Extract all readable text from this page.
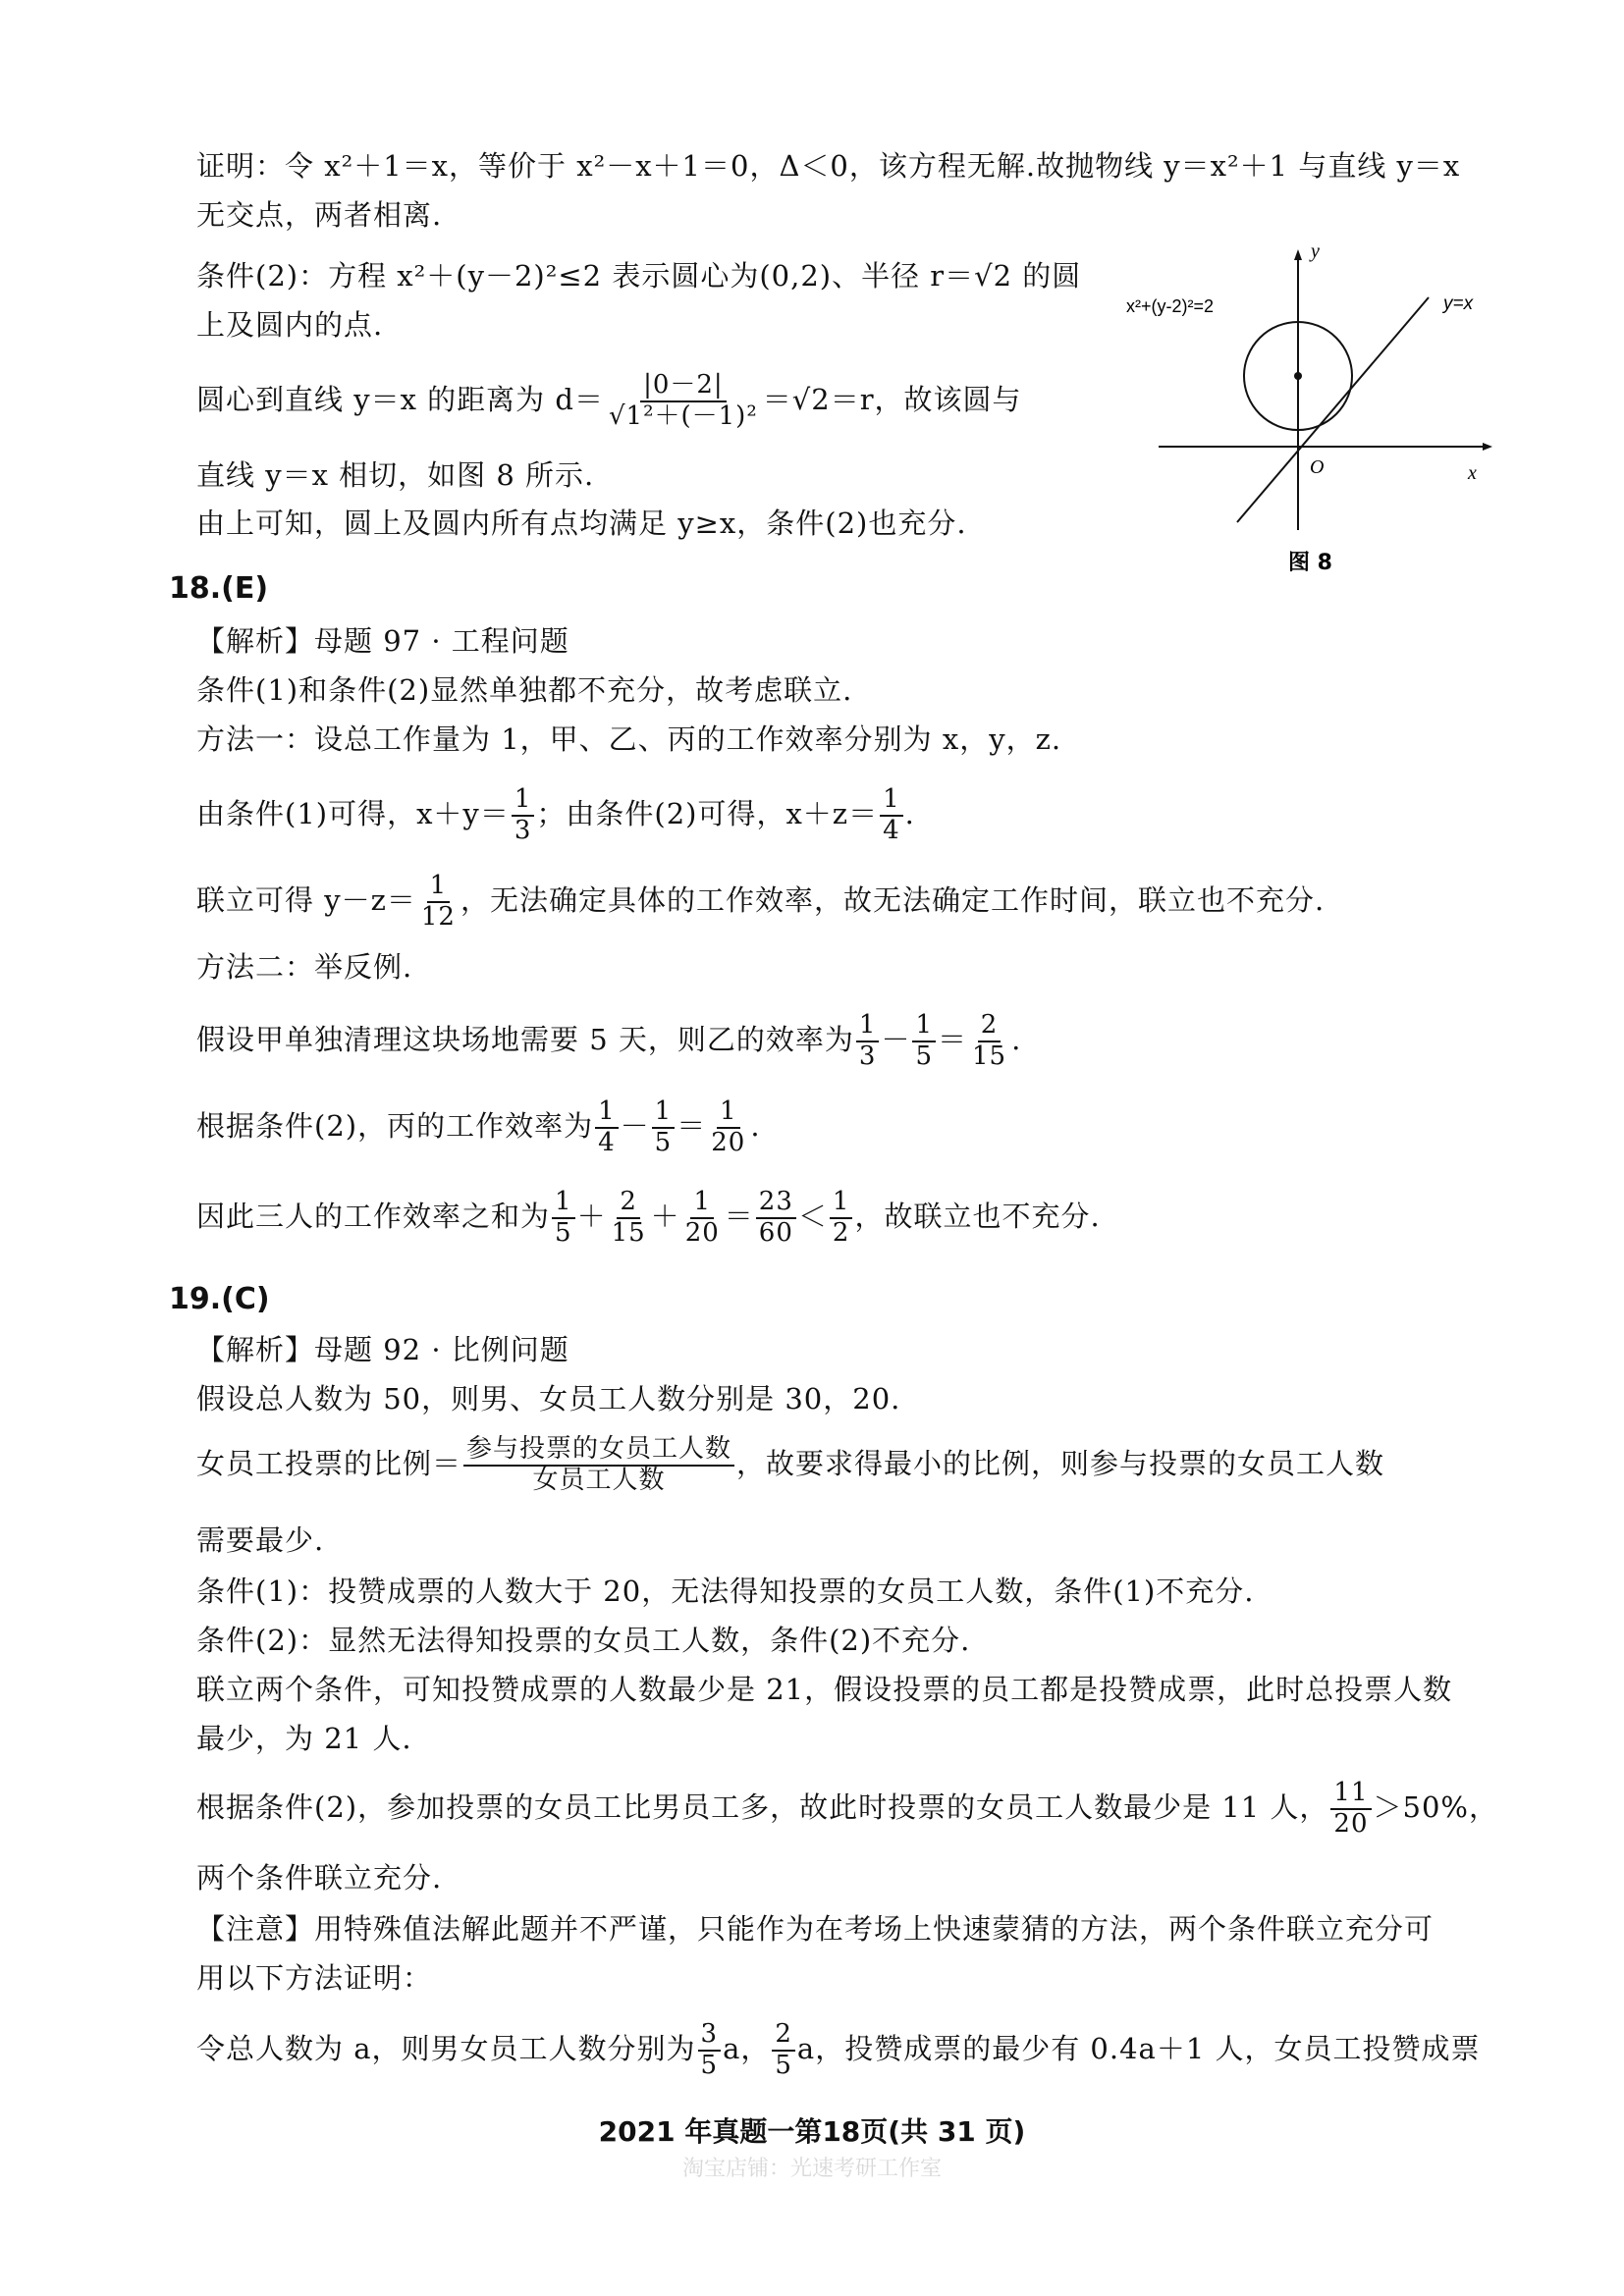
证明：令 x²＋1＝x，等价于 x²－x＋1＝0，Δ＜0，该方程无解.故抛物线 y＝x²＋1 与直线 y＝x
无交点，两者相离.
条件(2)：方程 x²＋(y－2)²≤2 表示圆心为(0,2)、半径 r＝√2 的圆
上及圆内的点.
圆心到直线 y＝x 的距离为 $d= \frac{|0-2|}{\text{√1²＋(－1)²}} =√2=r$，故该圆与
直线 y＝x 相切，如图 8 所示.
由上可知，圆上及圆内所有点均满足 y≥x，条件(2)也充分.
y
x
O
x²+(y-2)²=2	y=x
图 8
18.(E)
【解析】母题 97 · 工程问题
条件(1)和条件(2)显然单独都不充分，故考虑联立.
方法一：设总工作量为 1，甲、乙、丙的工作效率分别为 x，y，z.
由条件(1)可得，$x+y= \frac{1}{3}$ ；由条件(2)可得，$x+z= \frac{1}{4}$ .
联立可得 $y-z= \frac{1}{12}$ ，无法确定具体的工作效率，故无法确定工作时间，联立也不充分.
方法二：举反例.
假设甲单独清理这块场地需要 5 天，则乙的效率为 $\frac{1}{3} - \frac{1}{5} = \frac{2}{15}$ .
根据条件(2)，丙的工作效率为 $\frac{1}{4} - \frac{1}{5} = \frac{1}{20}$ .
因此三人的工作效率之和为 $\frac{1}{5} + \frac{2}{15} + \frac{1}{20} = \frac{23}{60} < \frac{1}{2}$ ，故联立也不充分.
19.(C)
【解析】母题 92 · 比例问题
假设总人数为 50，则男、女员工人数分别是 30，20.
女员工投票的比例＝ $\frac{\text{参与投票的女员工人数}}{\text{女员工人数}}$ ，故要求得最小的比例，则参与投票的女员工人数
需要最少.
条件(1)：投赞成票的人数大于 20，无法得知投票的女员工人数，条件(1)不充分.
条件(2)：显然无法得知投票的女员工人数，条件(2)不充分.
联立两个条件，可知投赞成票的人数最少是 21，假设投票的员工都是投赞成票，此时总投票人数
最少，为 21 人.
根据条件(2)，参加投票的女员工比男员工多，故此时投票的女员工人数最少是 11 人， $\frac{11}{20} >50\%$，
两个条件联立充分.
【注意】用特殊值法解此题并不严谨，只能作为在考场上快速蒙猜的方法，两个条件联立充分可
用以下方法证明：
令总人数为 a，则男女员工人数分别为 $\frac{3}{5}$ a， $\frac{2}{5}$ a，投赞成票的最少有 0.4a＋1 人，女员工投赞成票
2021 年真题一第18页(共 31 页)
淘宝店铺：光速考研工作室
